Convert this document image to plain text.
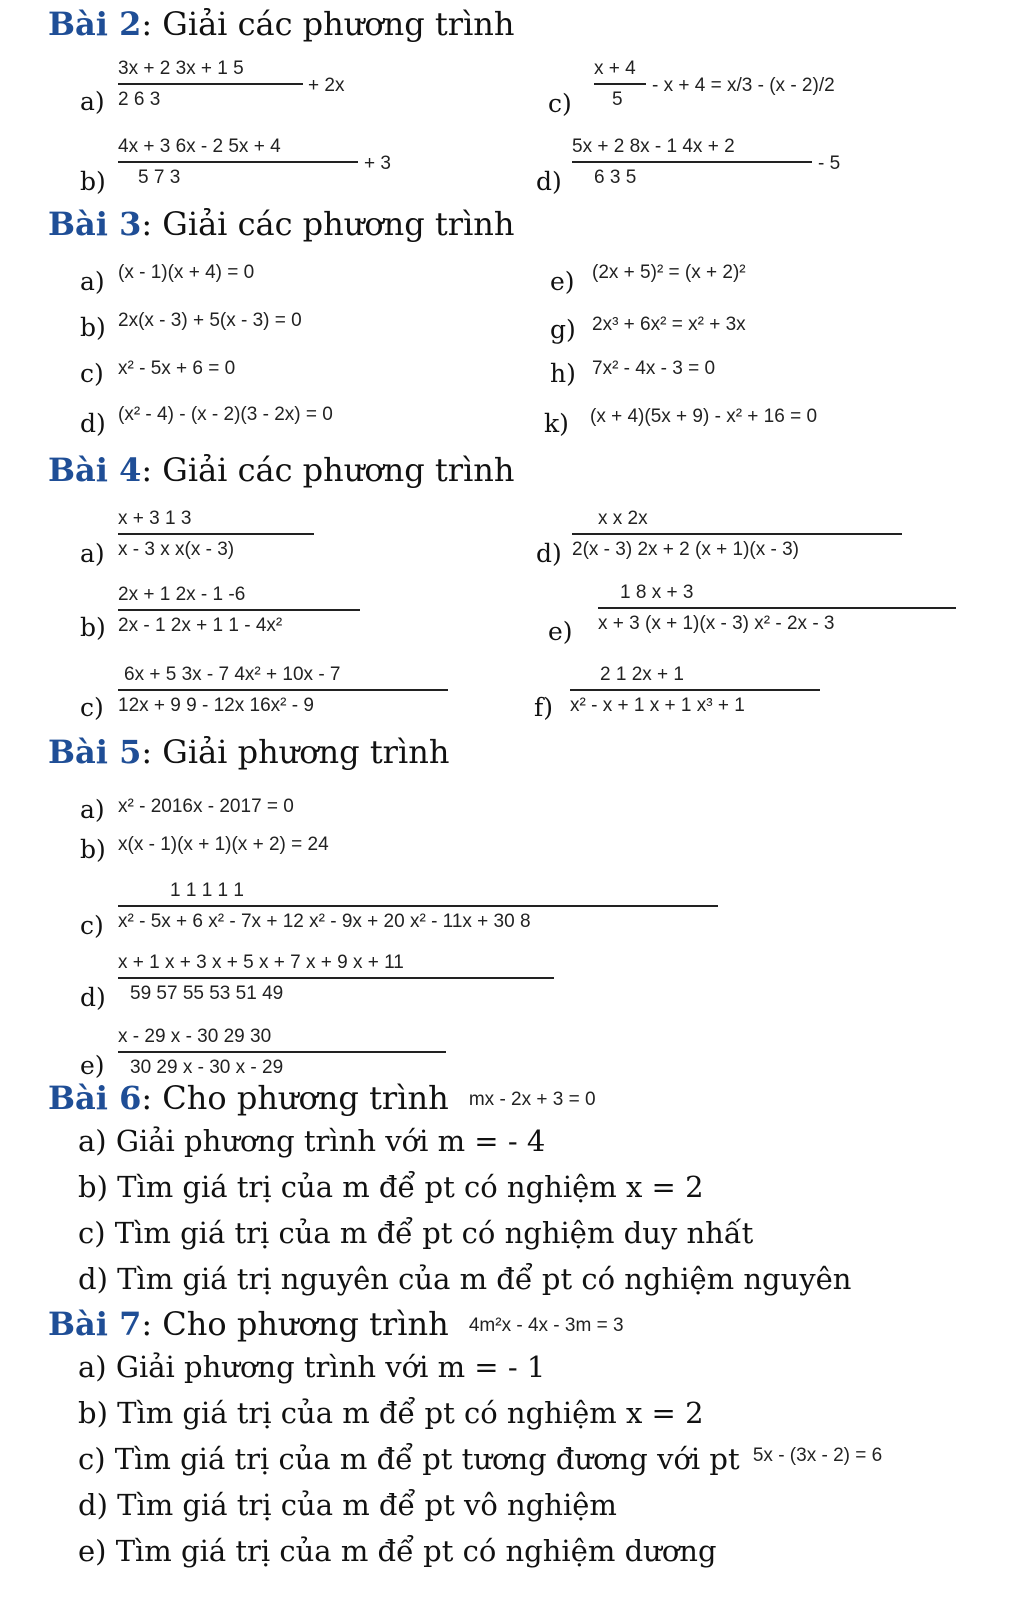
Bài 2: Giải các phương trình
a)
3x + 2 3x + 1 5
2 6 3
+ 2x
c)
x + 4
5
- x + 4 = x/3 - (x - 2)/2
b)
4x + 3 6x - 2 5x + 4
5 7 3
+ 3
d)
5x + 2 8x - 1 4x + 2
6 3 5
- 5
Bài 3: Giải các phương trình
a) (x - 1)(x + 4) = 0	e) (2x + 5)² = (x + 2)²
b) 2x(x - 3) + 5(x - 3) = 0	g) 2x³ + 6x² = x² + 3x
c) x² - 5x + 6 = 0	h) 7x² - 4x - 3 = 0
d) (x² - 4) - (x - 2)(3 - 2x) = 0	k) (x + 4)(5x + 9) - x² + 16 = 0
Bài 4: Giải các phương trình
a)
x + 3 1 3
x - 3 x x(x - 3)	d)
x x 2x
2(x - 3) 2x + 2 (x + 1)(x - 3)
b)
2x + 1 2x - 1 -6
2x - 1 2x + 1 1 - 4x²	e)
1 8 x + 3
x + 3 (x + 1)(x - 3) x² - 2x - 3
c)
6x + 5 3x - 7 4x² + 10x - 7
12x + 9 9 - 12x 16x² - 9	f)
2 1 2x + 1
x² - x + 1 x + 1 x³ + 1
Bài 5: Giải phương trình
a) x² - 2016x - 2017 = 0
b) x(x - 1)(x + 1)(x + 2) = 24
c)
1 1 1 1 1
x² - 5x + 6 x² - 7x + 12 x² - 9x + 20 x² - 11x + 30 8
d)
x + 1 x + 3 x + 5 x + 7 x + 9 x + 11
59 57 55 53 51 49
e)
x - 29 x - 30 29 30
30 29 x - 30 x - 29
Bài 6: Cho phương trình mx - 2x + 3 = 0
a) Giải phương trình với m = - 4
b) Tìm giá trị của m để pt có nghiệm x = 2
c) Tìm giá trị của m để pt có nghiệm duy nhất
d) Tìm giá trị nguyên của m để pt có nghiệm nguyên
Bài 7: Cho phương trình 4m²x - 4x - 3m = 3
a) Giải phương trình với m = - 1
b) Tìm giá trị của m để pt có nghiệm x = 2
c) Tìm giá trị của m để pt tương đương với pt $^{5x - (3x - 2) = 6}$
d) Tìm giá trị của m để pt vô nghiệm
e) Tìm giá trị của m để pt có nghiệm dương
